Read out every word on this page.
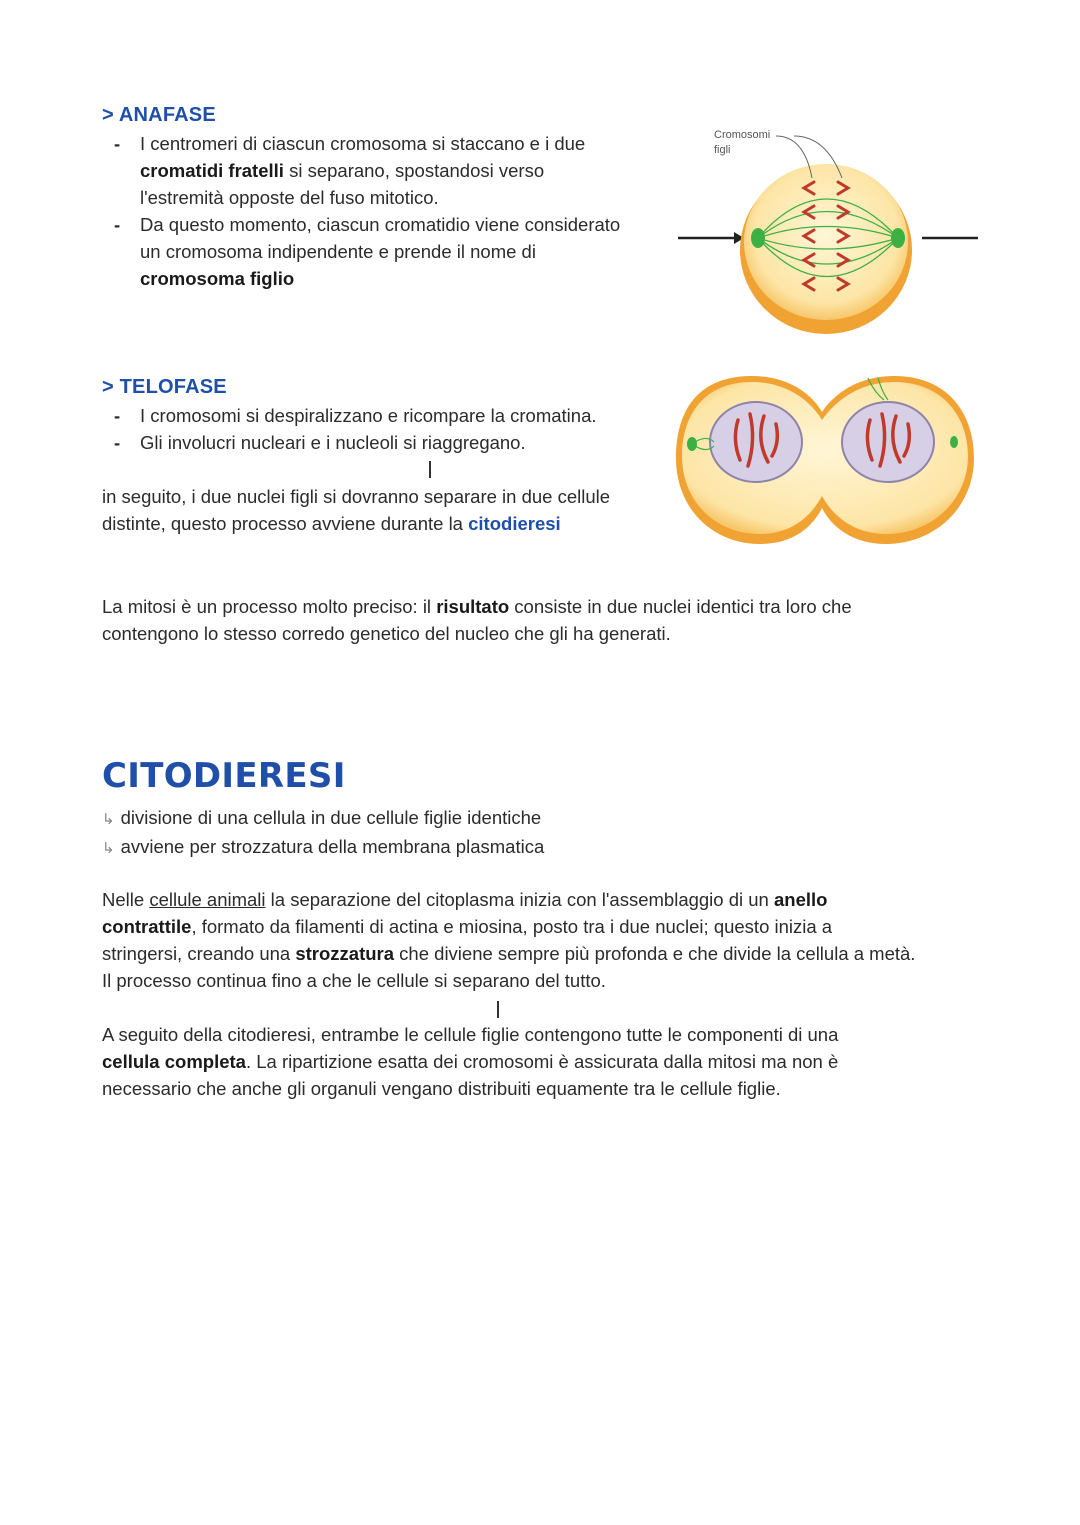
> ANAFASE
- I centromeri di ciascun cromosoma si staccano e i due
cromatidi fratelli si separano, spostandosi verso
l'estremità opposte del fuso mitotico.
- Da questo momento, ciascun cromatidio viene considerato
un cromosoma indipendente e prende il nome di
cromosoma figlio
Cromosomi
figli
> TELOFASE
- I cromosomi si despiralizzano e ricompare la cromatina.
- Gli involucri nucleari e i nucleoli si riaggregano.
in seguito, i due nuclei figli si dovranno separare in due cellule
distinte, questo processo avviene durante la citodieresi
La mitosi è un processo molto preciso: il risultato consiste in due nuclei identici tra loro che
contengono lo stesso corredo genetico del nucleo che gli ha generati.
CITODIERESI
↳ divisione di una cellula in due cellule figlie identiche
↳ avviene per strozzatura della membrana plasmatica
Nelle cellule animali la separazione del citoplasma inizia con l'assemblaggio di un anello
contrattile, formato da filamenti di actina e miosina, posto tra i due nuclei; questo inizia a
stringersi, creando una strozzatura che diviene sempre più profonda e che divide la cellula a metà.
Il processo continua fino a che le cellule si separano del tutto.
A seguito della citodieresi, entrambe le cellule figlie contengono tutte le componenti di una
cellula completa. La ripartizione esatta dei cromosomi è assicurata dalla mitosi ma non è
necessario che anche gli organuli vengano distribuiti equamente tra le cellule figlie.
